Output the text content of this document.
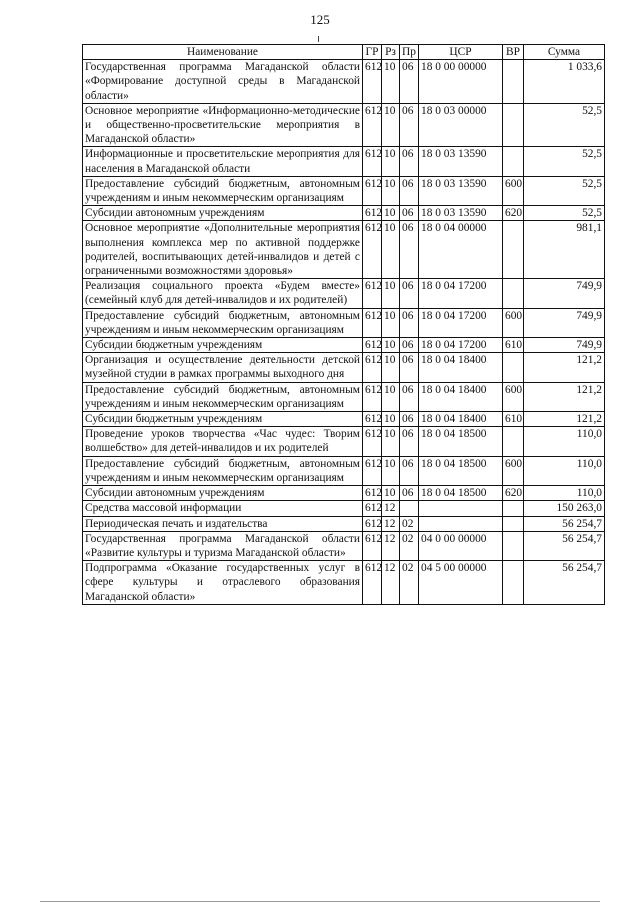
125
Наименование	ГР	Рз	Пр	ЦСР	ВР	Сумма
Государственная программа Магаданской области «Формирование доступной среды в Магаданской области»	612	10	06	18 0 00 00000		1 033,6
Основное мероприятие «Информационно-методические и общественно-просветительские мероприятия в Магаданской области»	612	10	06	18 0 03 00000		52,5
Информационные и просветительские мероприятия для населения в Магаданской области	612	10	06	18 0 03 13590		52,5
Предоставление субсидий бюджетным, автономным учреждениям и иным некоммерческим организациям	612	10	06	18 0 03 13590	600	52,5
Субсидии автономным учреждениям	612	10	06	18 0 03 13590	620	52,5
Основное мероприятие «Дополнительные мероприятия выполнения комплекса мер по активной поддержке родителей, воспитывающих детей-инвалидов и детей с ограниченными возможностями здоровья»	612	10	06	18 0 04 00000		981,1
Реализация социального проекта «Будем вместе» (семейный клуб для детей-инвалидов и их родителей)	612	10	06	18 0 04 17200		749,9
Предоставление субсидий бюджетным, автономным учреждениям и иным некоммерческим организациям	612	10	06	18 0 04 17200	600	749,9
Субсидии бюджетным учреждениям	612	10	06	18 0 04 17200	610	749,9
Организация и осуществление деятельности детской музейной студии в рамках программы выходного дня	612	10	06	18 0 04 18400		121,2
Предоставление субсидий бюджетным, автономным учреждениям и иным некоммерческим организациям	612	10	06	18 0 04 18400	600	121,2
Субсидии бюджетным учреждениям	612	10	06	18 0 04 18400	610	121,2
Проведение уроков творчества «Час чудес: Творим волшебство» для детей-инвалидов и их родителей	612	10	06	18 0 04 18500		110,0
Предоставление субсидий бюджетным, автономным учреждениям и иным некоммерческим организациям	612	10	06	18 0 04 18500	600	110,0
Субсидии автономным учреждениям	612	10	06	18 0 04 18500	620	110,0
Средства массовой информации	612	12				150 263,0
Периодическая печать и издательства	612	12	02			56 254,7
Государственная программа Магаданской области «Развитие культуры и туризма Магаданской области»	612	12	02	04 0 00 00000		56 254,7
Подпрограмма «Оказание государственных услуг в сфере культуры и отраслевого образования Магаданской области»	612	12	02	04 5 00 00000		56 254,7
